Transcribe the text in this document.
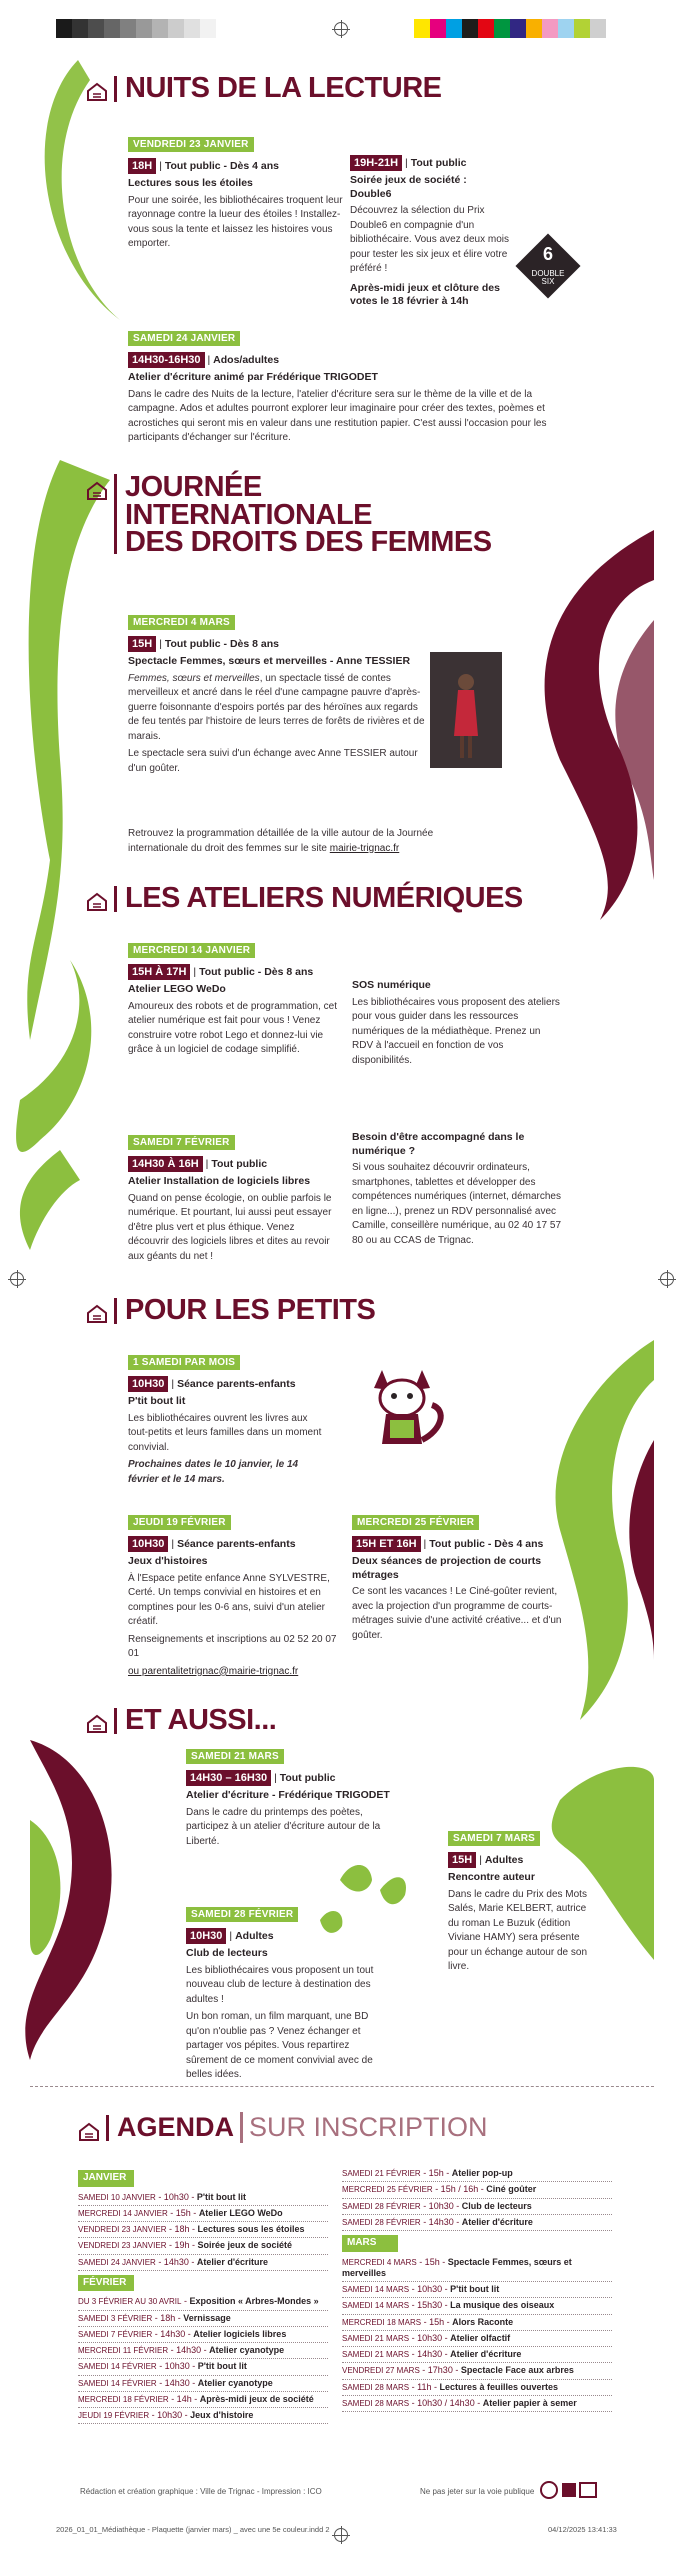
NUITS DE LA LECTURE
VENDREDI 23 JANVIER

18H | Tout public - Dès 4 ans
Lectures sous les étoiles
Pour une soirée, les bibliothécaires troquent leur rayonnage contre la lueur des étoiles ! Installez-vous sous la tente et laissez les histoires vous emporter.
19H-21H | Tout public
Soirée jeux de société : Double6
Découvrez la sélection du Prix Double6 en compagnie d'un bibliothécaire. Vous avez deux mois pour tester les six jeux et élire votre préféré !
Après-midi jeux et clôture des votes le 18 février à 14h
6
DOUBLE SIX
SAMEDI 24 JANVIER

14H30-16H30 | Ados/adultes
Atelier d'écriture animé par Frédérique TRIGODET
Dans le cadre des Nuits de la lecture, l'atelier d'écriture sera sur le thème de la ville et de la campagne. Ados et adultes pourront explorer leur imaginaire pour créer des textes, poèmes et acrostiches qui seront mis en valeur dans une restitution papier. C'est aussi l'occasion pour les participants d'échanger sur l'écriture.
JOURNÉE
INTERNATIONALE
DES DROITS DES FEMMES
MERCREDI 4 MARS

15H | Tout public - Dès 8 ans
Spectacle Femmes, sœurs et merveilles - Anne TESSIER
Femmes, sœurs et merveilles, un spectacle tissé de contes merveilleux et ancré dans le réel d'une campagne pauvre d'après-guerre foisonnante d'espoirs portés par des héroïnes aux regards de feu tentés par l'histoire de leurs terres de forêts de rivières et de marais.
Le spectacle sera suivi d'un échange avec Anne TESSIER autour d'un goûter.
Retrouvez la programmation détaillée de la ville autour de la Journée internationale du droit des femmes sur le site mairie-trignac.fr
LES ATELIERS NUMÉRIQUES
MERCREDI 14 JANVIER

15H À 17H | Tout public - Dès 8 ans
Atelier LEGO WeDo
Amoureux des robots et de programmation, cet atelier numérique est fait pour vous ! Venez construire votre robot Lego et donnez-lui vie grâce à un logiciel de codage simplifié.
SOS numérique
Les bibliothécaires vous proposent des ateliers pour vous guider dans les ressources numériques de la médiathèque. Prenez un RDV à l'accueil en fonction de vos disponibilités.
SAMEDI 7 FÉVRIER

14H30 À 16H | Tout public
Atelier Installation de logiciels libres
Quand on pense écologie, on oublie parfois le numérique. Et pourtant, lui aussi peut essayer d'être plus vert et plus éthique. Venez découvrir des logiciels libres et dites au revoir aux géants du net !
Besoin d'être accompagné dans le numérique ?
Si vous souhaitez découvrir ordinateurs, smartphones, tablettes et développer des compétences numériques (internet, démarches en ligne...), prenez un RDV personnalisé avec Camille, conseillère numérique, au 02 40 17 57 80 ou au CCAS de Trignac.
POUR LES PETITS
1 SAMEDI PAR MOIS

10H30 | Séance parents-enfants
P'tit bout lit
Les bibliothécaires ouvrent les livres aux tout-petits et leurs familles dans un moment convivial.
Prochaines dates le 10 janvier, le 14 février et le 14 mars.
JEUDI 19 FÉVRIER

10H30 | Séance parents-enfants
Jeux d'histoires
À l'Espace petite enfance Anne SYLVESTRE, Certé. Un temps convivial en histoires et en comptines pour les 0-6 ans, suivi d'un atelier créatif.
Renseignements et inscriptions au 02 52 20 07 01
ou parentalitetrignac@mairie-trignac.fr
MERCREDI 25 FÉVRIER

15H ET 16H | Tout public - Dès 4 ans
Deux séances de projection de courts métrages
Ce sont les vacances ! Le Ciné-goûter revient, avec la projection d'un programme de courts-métrages suivie d'une activité créative... et d'un goûter.
ET AUSSI...
SAMEDI 21 MARS

14H30 – 16H30 | Tout public
Atelier d'écriture - Frédérique TRIGODET
Dans le cadre du printemps des poètes, participez à un atelier d'écriture autour de la Liberté.	SAMEDI 7 MARS

15H | Adultes
Rencontre auteur
Dans le cadre du Prix des Mots Salés, Marie KELBERT, autrice du roman Le Buzuk (édition Viviane HAMY) sera présente pour un échange autour de son livre.
SAMEDI 28 FÉVRIER

10H30 | Adultes
Club de lecteurs
Les bibliothécaires vous proposent un tout nouveau club de lecture à destination des adultes !
Un bon roman, un film marquant, une BD qu'on n'oublie pas ? Venez échanger et partager vos pépites. Vous repartirez sûrement de ce moment convivial avec de belles idées.
AGENDA SUR INSCRIPTION
JANVIER
SAMEDI 10 JANVIER - 10h30 - P'tit bout lit
MERCREDI 14 JANVIER - 15h - Atelier LEGO WeDo
VENDREDI 23 JANVIER - 18h - Lectures sous les étoiles
VENDREDI 23 JANVIER - 19h - Soirée jeux de société
SAMEDI 24 JANVIER - 14h30 - Atelier d'écriture
FÉVRIER
DU 3 FÉVRIER AU 30 AVRIL - Exposition « Arbres-Mondes »
SAMEDI 3 FÉVRIER - 18h - Vernissage
SAMEDI 7 FÉVRIER - 14h30 - Atelier logiciels libres
MERCREDI 11 FÉVRIER - 14h30 - Atelier cyanotype
SAMEDI 14 FÉVRIER - 10h30 - P'tit bout lit
SAMEDI 14 FÉVRIER - 14h30 - Atelier cyanotype
MERCREDI 18 FÉVRIER - 14h - Après-midi jeux de société
JEUDI 19 FÉVRIER - 10h30 - Jeux d'histoire
SAMEDI 21 FÉVRIER - 15h - Atelier pop-up
MERCREDI 25 FÉVRIER - 15h / 16h - Ciné goûter
SAMEDI 28 FÉVRIER - 10h30 - Club de lecteurs
SAMEDI 28 FÉVRIER - 14h30 - Atelier d'écriture
MARS
MERCREDI 4 MARS - 15h - Spectacle Femmes, sœurs et merveilles
SAMEDI 14 MARS - 10h30 - P'tit bout lit
SAMEDI 14 MARS - 15h30 - La musique des oiseaux
MERCREDI 18 MARS - 15h - Alors Raconte
SAMEDI 21 MARS - 10h30 - Atelier olfactif
SAMEDI 21 MARS - 14h30 - Atelier d'écriture
VENDREDI 27 MARS - 17h30 - Spectacle Face aux arbres
SAMEDI 28 MARS - 11h - Lectures à feuilles ouvertes
SAMEDI 28 MARS - 10h30 / 14h30 - Atelier papier à semer
Rédaction et création graphique : Ville de Trignac - Impression : ICO	Ne pas jeter sur la voie publique
2026_01_01_Médiathèque - Plaquette (janvier mars) _ avec une 5e couleur.indd 2	04/12/2025 13:41:33
